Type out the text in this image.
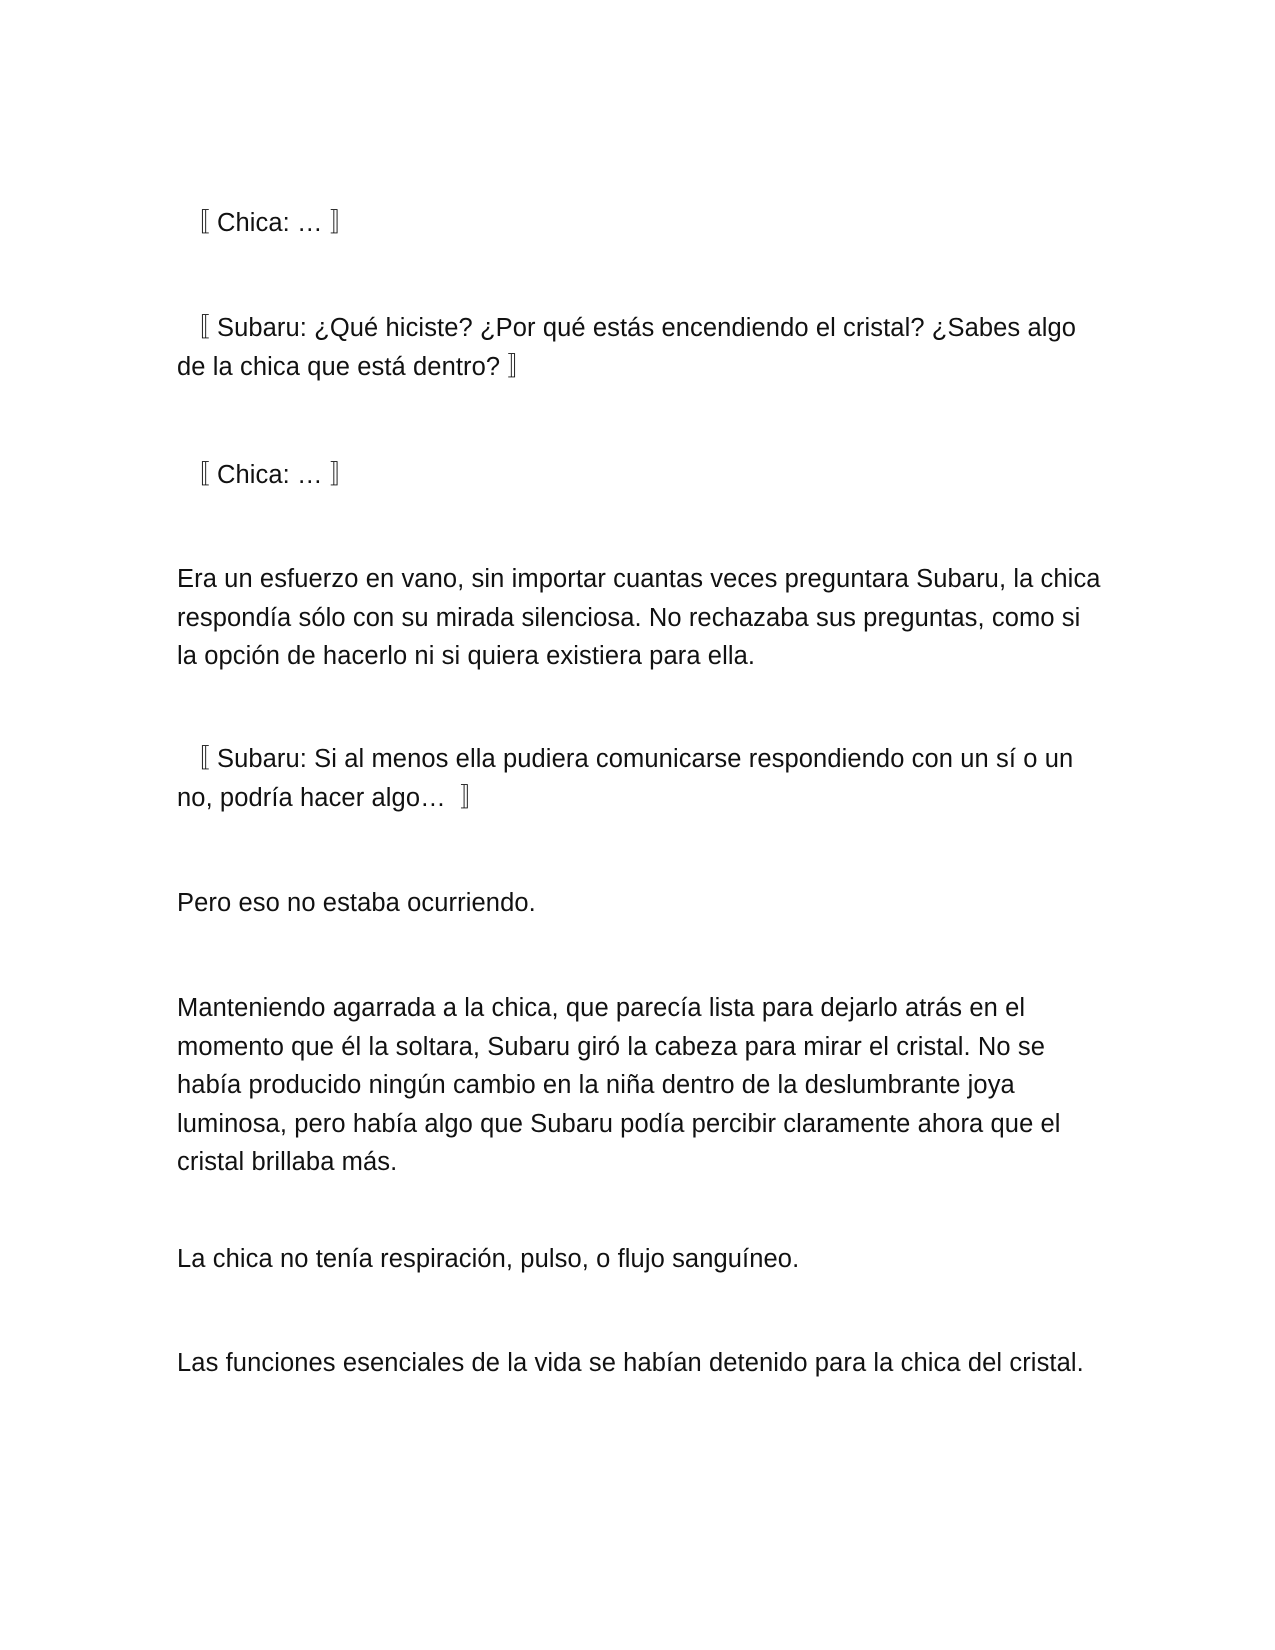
〚 Chica: … 〛

〚 Subaru: ¿Qué hiciste? ¿Por qué estás encendiendo el cristal? ¿Sabes algo de la chica que está dentro? 〛

〚 Chica: … 〛

Era un esfuerzo en vano, sin importar cuantas veces preguntara Subaru, la chica respondía sólo con su mirada silenciosa. No rechazaba sus preguntas, como si la opción de hacerlo ni si quiera existiera para ella.

〚 Subaru: Si al menos ella pudiera comunicarse respondiendo con un sí o un no, podría hacer algo…  〛

Pero eso no estaba ocurriendo.

Manteniendo agarrada a la chica, que parecía lista para dejarlo atrás en el momento que él la soltara, Subaru giró la cabeza para mirar el cristal. No se había producido ningún cambio en la niña dentro de la deslumbrante joya luminosa, pero había algo que Subaru podía percibir claramente ahora que el cristal brillaba más.

La chica no tenía respiración, pulso, o flujo sanguíneo.

Las funciones esenciales de la vida se habían detenido para la chica del cristal.
